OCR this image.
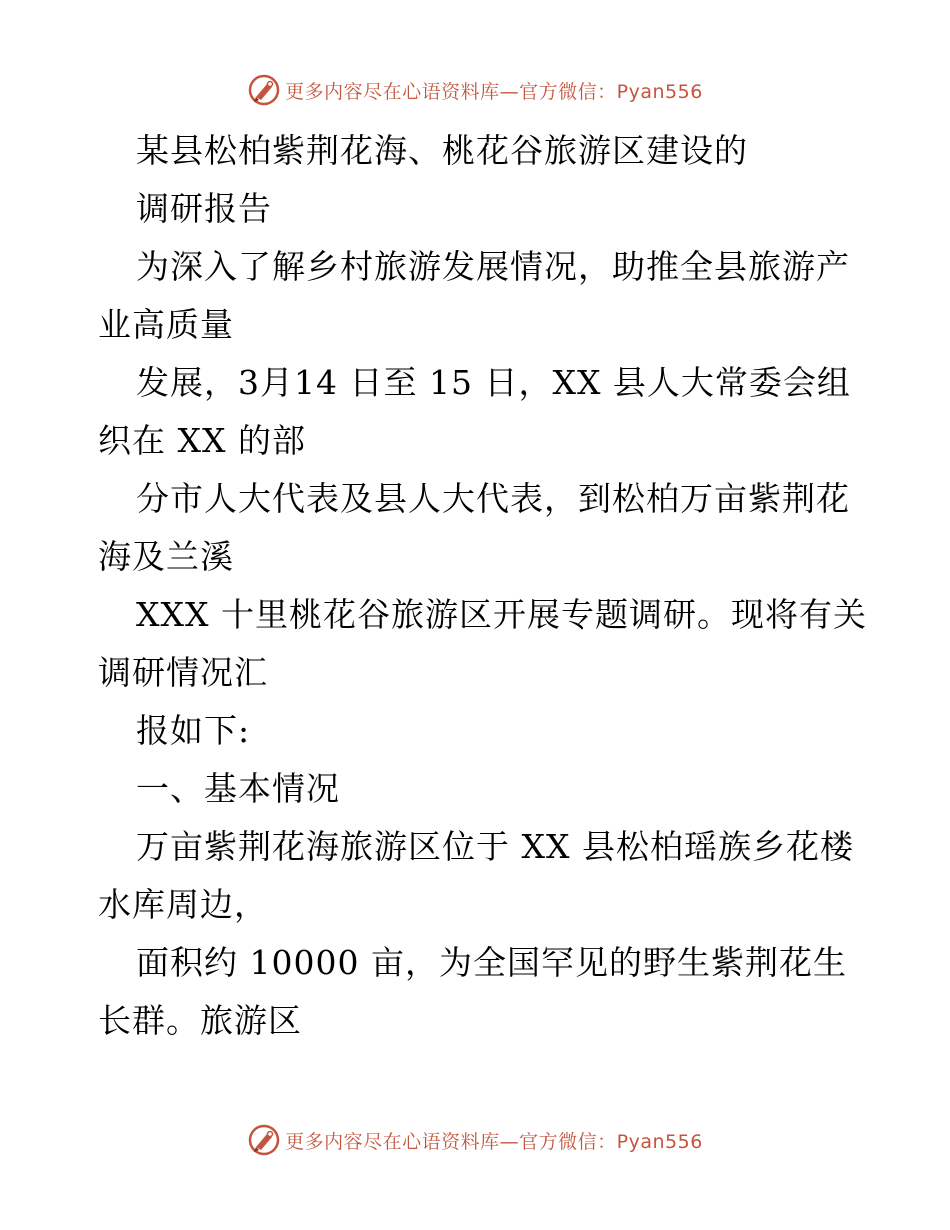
更多内容尽在心语资料库—官方微信：Pyan556
某县松柏紫荆花海、桃花谷旅游区建设的
调研报告
为深入了解乡村旅游发展情况，助推全县旅游产
业高质量
发展，3月14 日至 15 日，XX 县人大常委会组
织在 XX 的部
分市人大代表及县人大代表，到松柏万亩紫荆花
海及兰溪
XXX 十里桃花谷旅游区开展专题调研。现将有关
调研情况汇
报如下:
一、基本情况
万亩紫荆花海旅游区位于 XX 县松柏瑶族乡花楼
水库周边，
面积约 10000 亩，为全国罕见的野生紫荆花生
长群。旅游区
更多内容尽在心语资料库—官方微信：Pyan556
